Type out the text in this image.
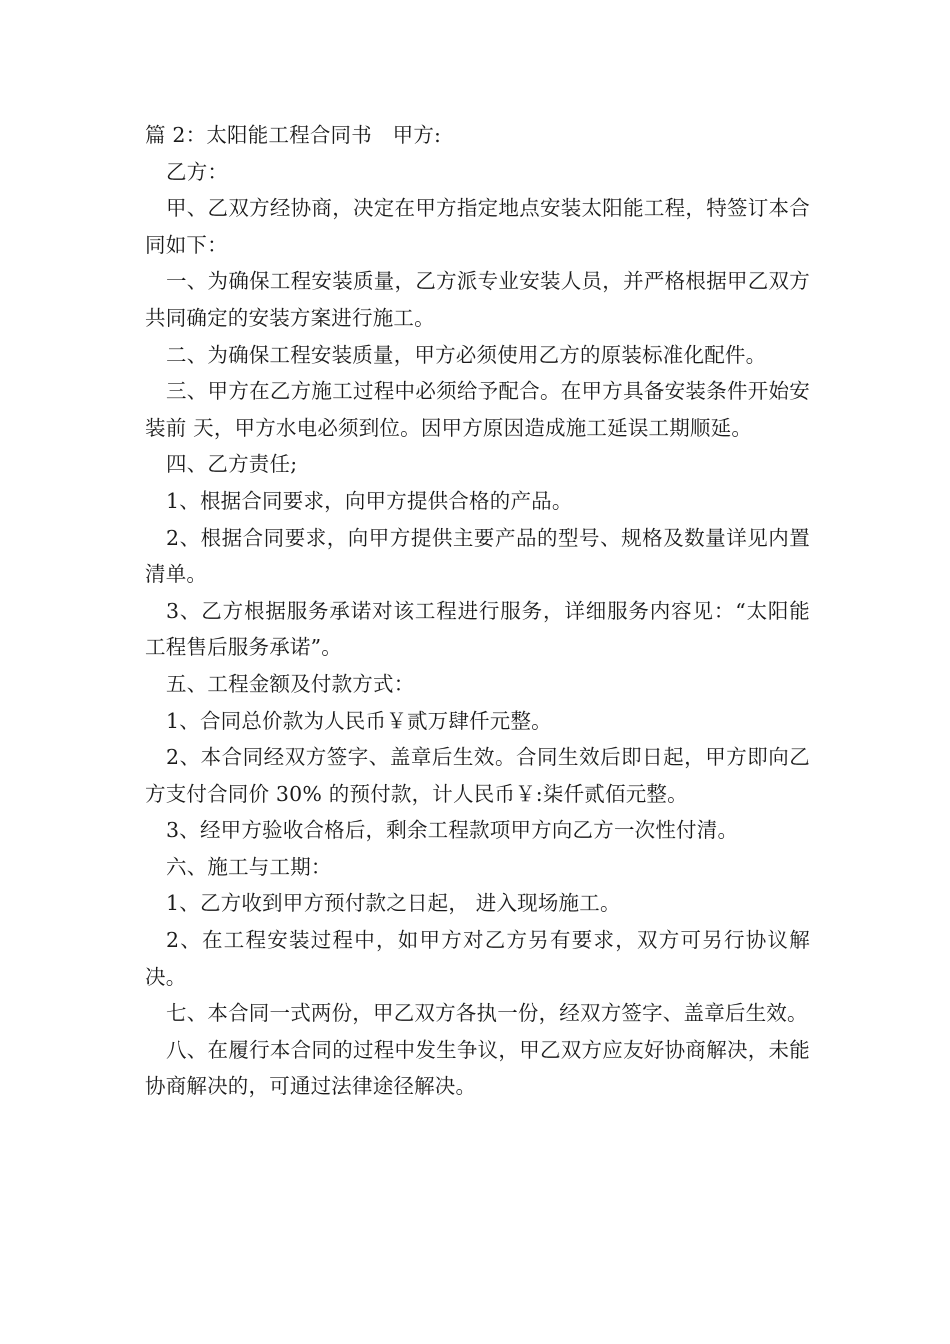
篇 2：太阳能工程合同书　甲方:

乙方：

甲、乙双方经协商，决定在甲方指定地点安装太阳能工程，特签订本合同如下：

一、为确保工程安装质量，乙方派专业安装人员，并严格根据甲乙双方共同确定的安装方案进行施工。

二、为确保工程安装质量，甲方必须使用乙方的原装标准化配件。

三、甲方在乙方施工过程中必须给予配合。在甲方具备安装条件开始安装前 天，甲方水电必须到位。因甲方原因造成施工延误工期顺延。

四、乙方责任;

1、根据合同要求，向甲方提供合格的产品。

2、根据合同要求，向甲方提供主要产品的型号、规格及数量详见内置清单。

3、乙方根据服务承诺对该工程进行服务，详细服务内容见：“太阳能工程售后服务承诺”。

五、工程金额及付款方式：

1、合同总价款为人民币￥贰万肆仟元整。

2、本合同经双方签字、盖章后生效。合同生效后即日起，甲方即向乙方支付合同价 30% 的预付款，计人民币￥:柒仟贰佰元整。

3、经甲方验收合格后，剩余工程款项甲方向乙方一次性付清。

六、施工与工期：

1、乙方收到甲方预付款之日起， 进入现场施工。

2、在工程安装过程中，如甲方对乙方另有要求，双方可另行协议解决。

七、本合同一式两份，甲乙双方各执一份，经双方签字、盖章后生效。

八、在履行本合同的过程中发生争议，甲乙双方应友好协商解决，未能协商解决的，可通过法律途径解决。
